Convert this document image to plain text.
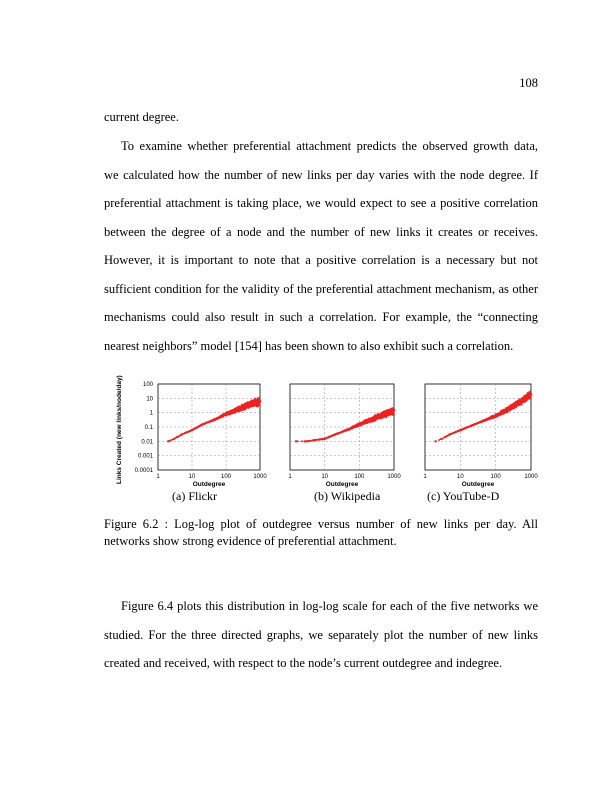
108

current degree.

To examine whether preferential attachment predicts the observed growth data,
we calculated how the number of new links per day varies with the node degree. If
preferential attachment is taking place, we would expect to see a positive correlation
between the degree of a node and the number of new links it creates or receives.
However, it is important to note that a positive correlation is a necessary but not
sufficient condition for the validity of the preferential attachment mechanism, as other
mechanisms could also result in such a correlation. For example, the “connecting
nearest neighbors” model [154] has been shown to also exhibit such a correlation.

100
10
1
0.1
0.01
0.001
0.0001
1	10	100	1000
Outdegree
1	10	100	1000
Outdegree
1	10	100	1000
Outdegree
Links Created (new links/node/day)
(a) Flickr	(b) Wikipedia	(c) YouTube-D

Figure 6.2 : Log-log plot of outdegree versus number of new links per day. All
networks show strong evidence of preferential attachment.

Figure 6.4 plots this distribution in log-log scale for each of the five networks we
studied. For the three directed graphs, we separately plot the number of new links
created and received, with respect to the node’s current outdegree and indegree.
